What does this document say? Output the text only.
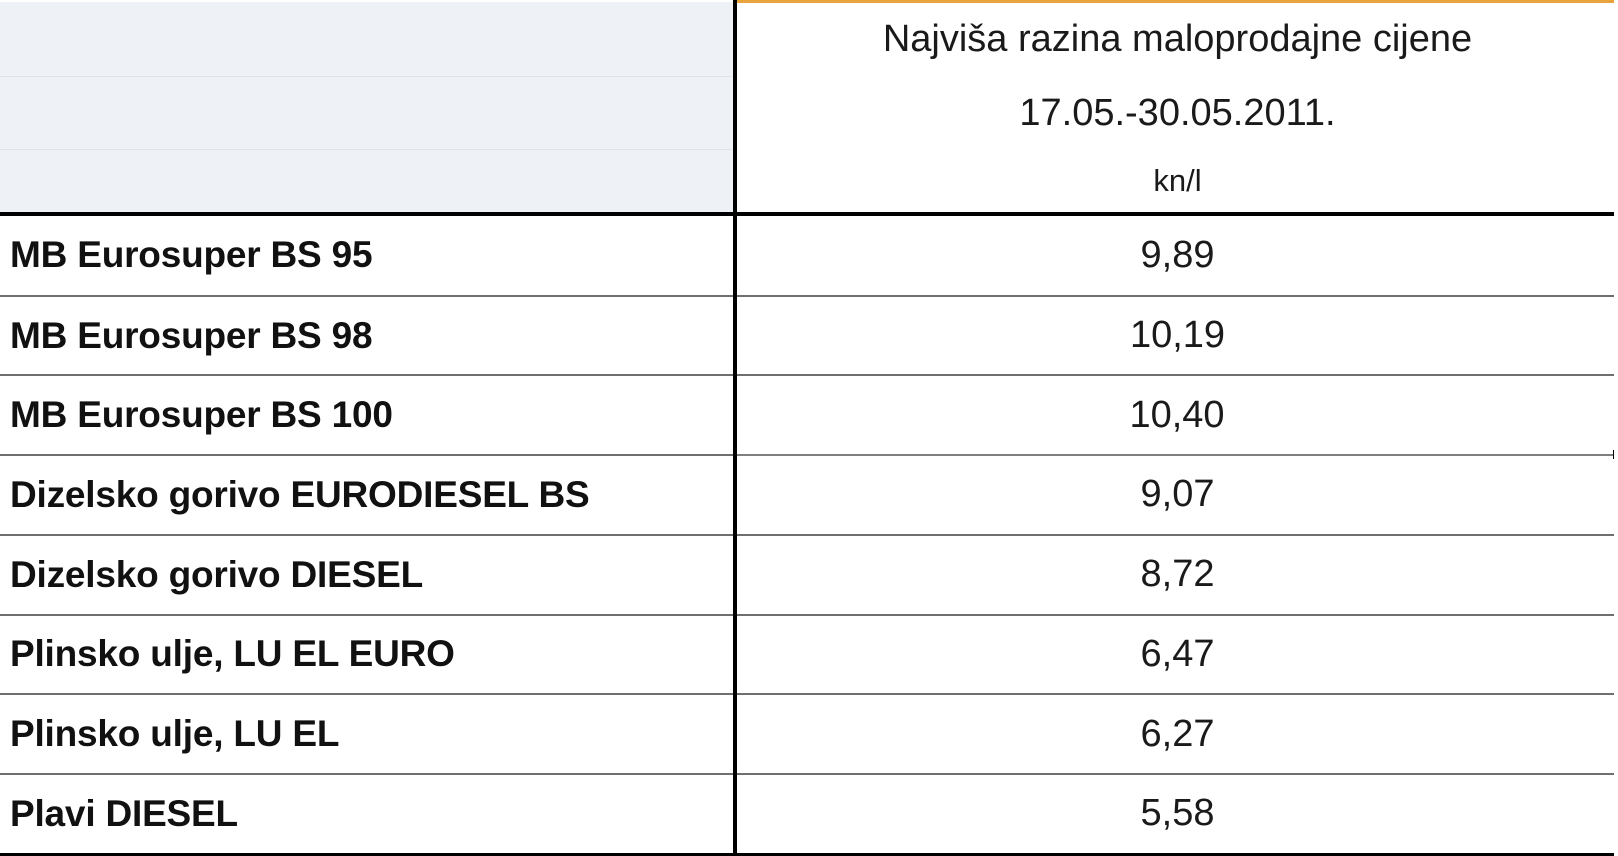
	Najviša razina maloprodajne cijene
	17.05.-30.05.2011.
	kn/l
MB Eurosuper BS 95	9,89
MB Eurosuper BS 98	10,19
MB Eurosuper BS 100	10,40
Dizelsko gorivo EURODIESEL BS	9,07
Dizelsko gorivo DIESEL	8,72
Plinsko ulje, LU EL EURO	6,47
Plinsko ulje, LU EL	6,27
Plavi DIESEL	5,58
